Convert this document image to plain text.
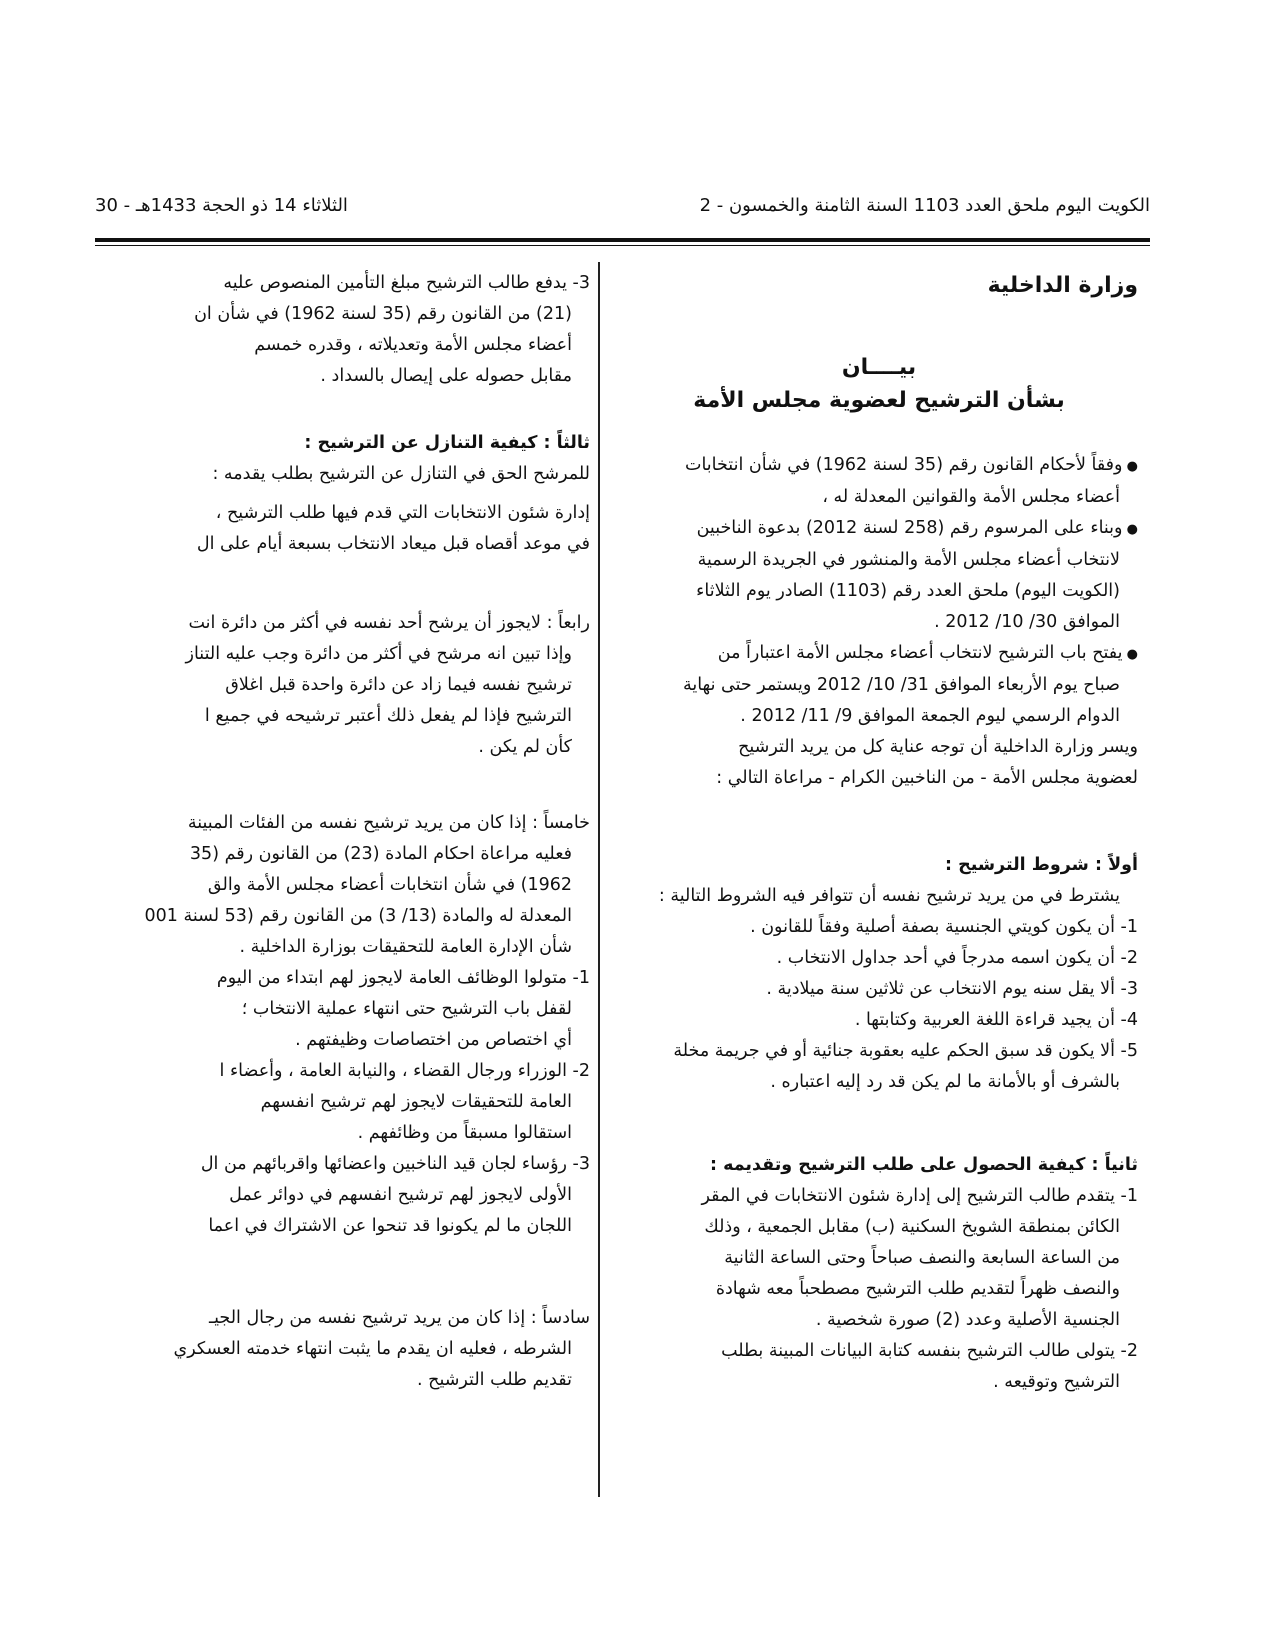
الكويت اليوم ملحق العدد 1103 السنة الثامنة والخمسون - 2
الثلاثاء 14 ذو الحجة 1433هـ - 30
وزارة الداخلية
بيــــان
بشأن الترشيح لعضوية مجلس الأمة
● وفقاً لأحكام القانون رقم (35 لسنة 1962) في شأن انتخابات
أعضاء مجلس الأمة والقوانين المعدلة له ،
● وبناء على المرسوم رقم (258 لسنة 2012) بدعوة الناخبين
لانتخاب أعضاء مجلس الأمة والمنشور في الجريدة الرسمية
(الكويت اليوم) ملحق العدد رقم (1103) الصادر يوم الثلاثاء
الموافق 30/ 10/ 2012 .
● يفتح باب الترشيح لانتخاب أعضاء مجلس الأمة اعتباراً من
صباح يوم الأربعاء الموافق 31/ 10/ 2012 ويستمر حتى نهاية
الدوام الرسمي ليوم الجمعة الموافق 9/ 11/ 2012 .
ويسر وزارة الداخلية أن توجه عناية كل من يريد الترشيح
لعضوية مجلس الأمة - من الناخبين الكرام - مراعاة التالي :
أولاً : شروط الترشيح :
يشترط في من يريد ترشيح نفسه أن تتوافر فيه الشروط التالية :
1- أن يكون كويتي الجنسية بصفة أصلية وفقاً للقانون .
2- أن يكون اسمه مدرجاً في أحد جداول الانتخاب .
3- ألا يقل سنه يوم الانتخاب عن ثلاثين سنة ميلادية .
4- أن يجيد قراءة اللغة العربية وكتابتها .
5- ألا يكون قد سبق الحكم عليه بعقوبة جنائية أو في جريمة مخلة
بالشرف أو بالأمانة ما لم يكن قد رد إليه اعتباره .
ثانياً : كيفية الحصول على طلب الترشيح وتقديمه :
1- يتقدم طالب الترشيح إلى إدارة شئون الانتخابات في المقر
الكائن بمنطقة الشويخ السكنية (ب) مقابل الجمعية ، وذلك
من الساعة السابعة والنصف صباحاً وحتى الساعة الثانية
والنصف ظهراً لتقديم طلب الترشيح مصطحباً معه شهادة
الجنسية الأصلية وعدد (2) صورة شخصية .
2- يتولى طالب الترشيح بنفسه كتابة البيانات المبينة بطلب
الترشيح وتوقيعه .
3- يدفع طالب الترشيح مبلغ التأمين المنصوص عليه
(21) من القانون رقم (35 لسنة 1962) في شأن ان
أعضاء مجلس الأمة وتعديلاته ، وقدره خمسم
مقابل حصوله على إيصال بالسداد .
ثالثاً : كيفية التنازل عن الترشيح :
للمرشح الحق في التنازل عن الترشيح بطلب يقدمه :
إدارة شئون الانتخابات التي قدم فيها طلب الترشيح ،
في موعد أقصاه قبل ميعاد الانتخاب بسبعة أيام على ال
رابعاً : لايجوز أن يرشح أحد نفسه في أكثر من دائرة انت
وإذا تبين انه مرشح في أكثر من دائرة وجب عليه التناز
ترشيح نفسه فيما زاد عن دائرة واحدة قبل اغلاق
الترشيح فإذا لم يفعل ذلك أعتبر ترشيحه في جميع ا
كأن لم يكن .
خامساً : إذا كان من يريد ترشيح نفسه من الفئات المبينة
فعليه مراعاة احكام المادة (23) من القانون رقم (35
1962) في شأن انتخابات أعضاء مجلس الأمة والق
المعدلة له والمادة (13/ 3) من القانون رقم (53 لسنة 001
شأن الإدارة العامة للتحقيقات بوزارة الداخلية .
1- متولوا الوظائف العامة لايجوز لهم ابتداء من اليوم
لقفل باب الترشيح حتى انتهاء عملية الانتخاب ؛
أي اختصاص من اختصاصات وظيفتهم .
2- الوزراء ورجال القضاء ، والنيابة العامة ، وأعضاء ا
العامة للتحقيقات لايجوز لهم ترشيح انفسهم
استقالوا مسبقاً من وظائفهم .
3- رؤساء لجان قيد الناخبين واعضائها واقربائهم من ال
الأولى لايجوز لهم ترشيح انفسهم في دوائر عمل
اللجان ما لم يكونوا قد تنحوا عن الاشتراك في اعما
سادساً : إذا كان من يريد ترشيح نفسه من رجال الجيـ
الشرطه ، فعليه ان يقدم ما يثبت انتهاء خدمته العسكري
تقديم طلب الترشيح .
